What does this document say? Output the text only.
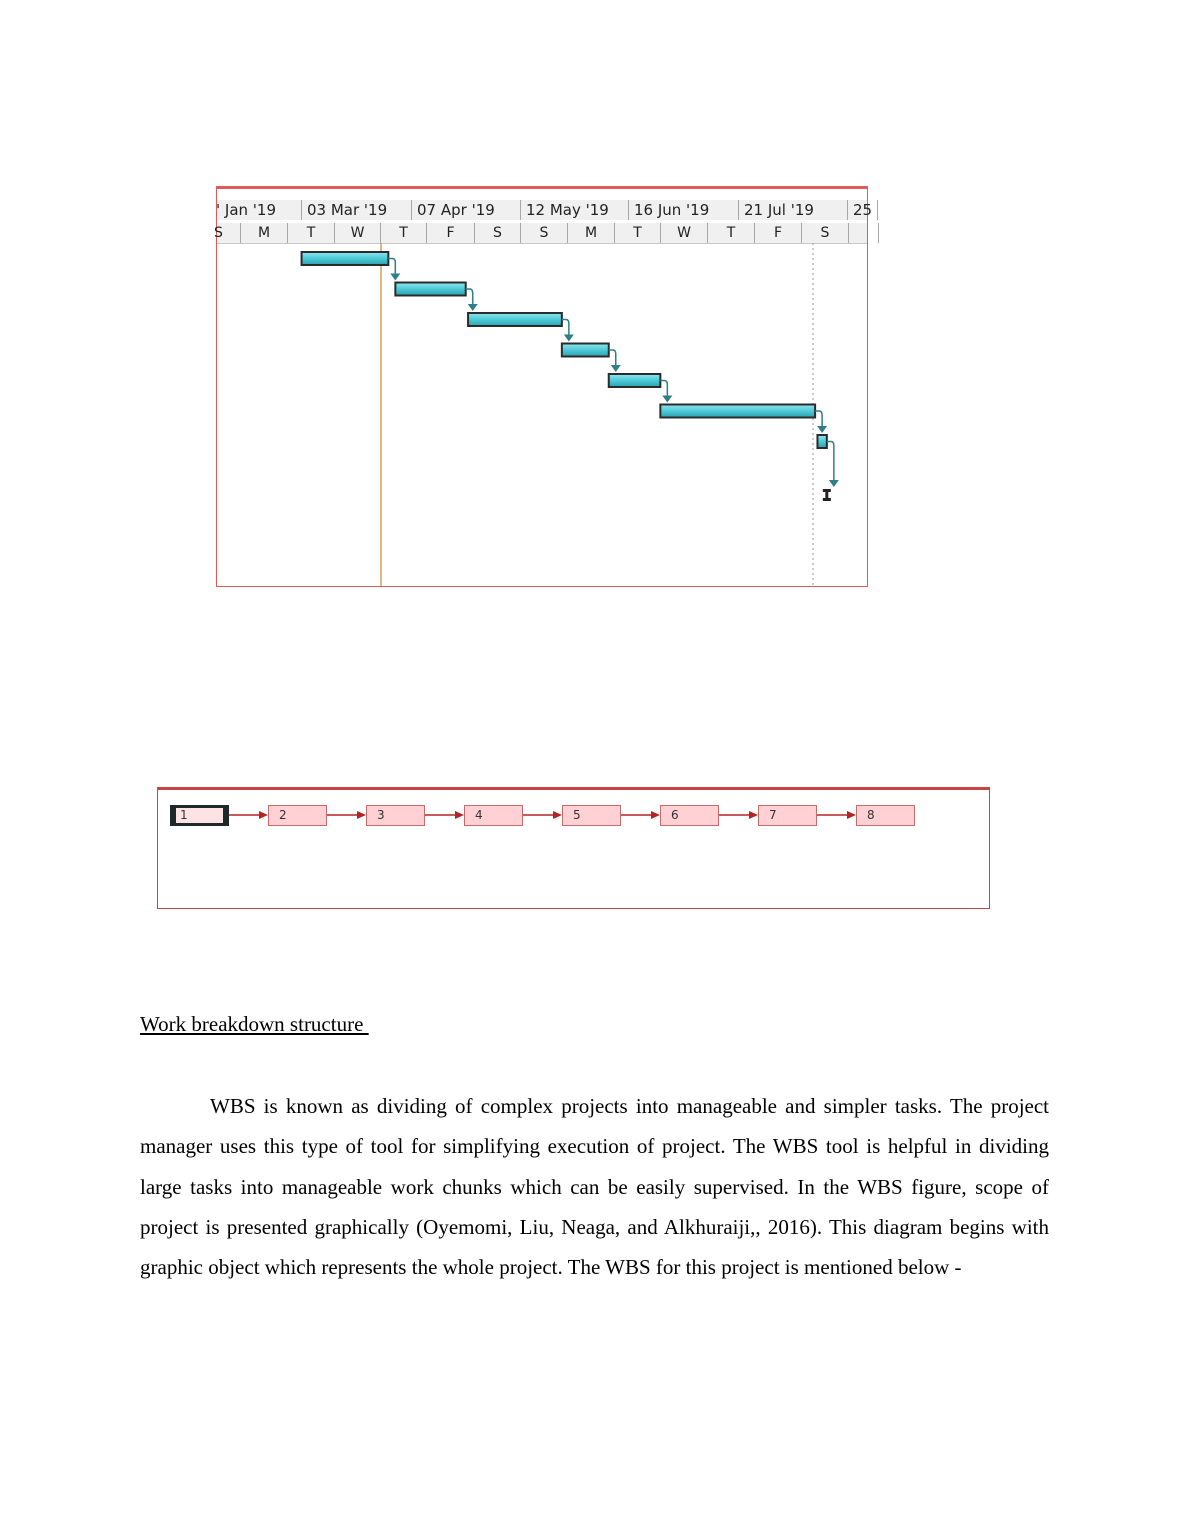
' Jan '19	03 Mar '19	07 Apr '19	12 May '19	16 Jun '19	21 Jul '19	25
S	M	T	W	T	F	S	S	M	T	W	T	F	S
1	2	3	4	5	6	7	8
Work breakdown structure

WBS is known as dividing of complex projects into manageable and simpler tasks. The project manager uses this type of tool for simplifying execution of project. The WBS tool is helpful in dividing large tasks into manageable work chunks which can be easily supervised. In the WBS figure, scope of project is presented graphically (Oyemomi, Liu, Neaga, and Alkhuraiji,, 2016). This diagram begins with graphic object which represents the whole project. The WBS for this project is mentioned below -
